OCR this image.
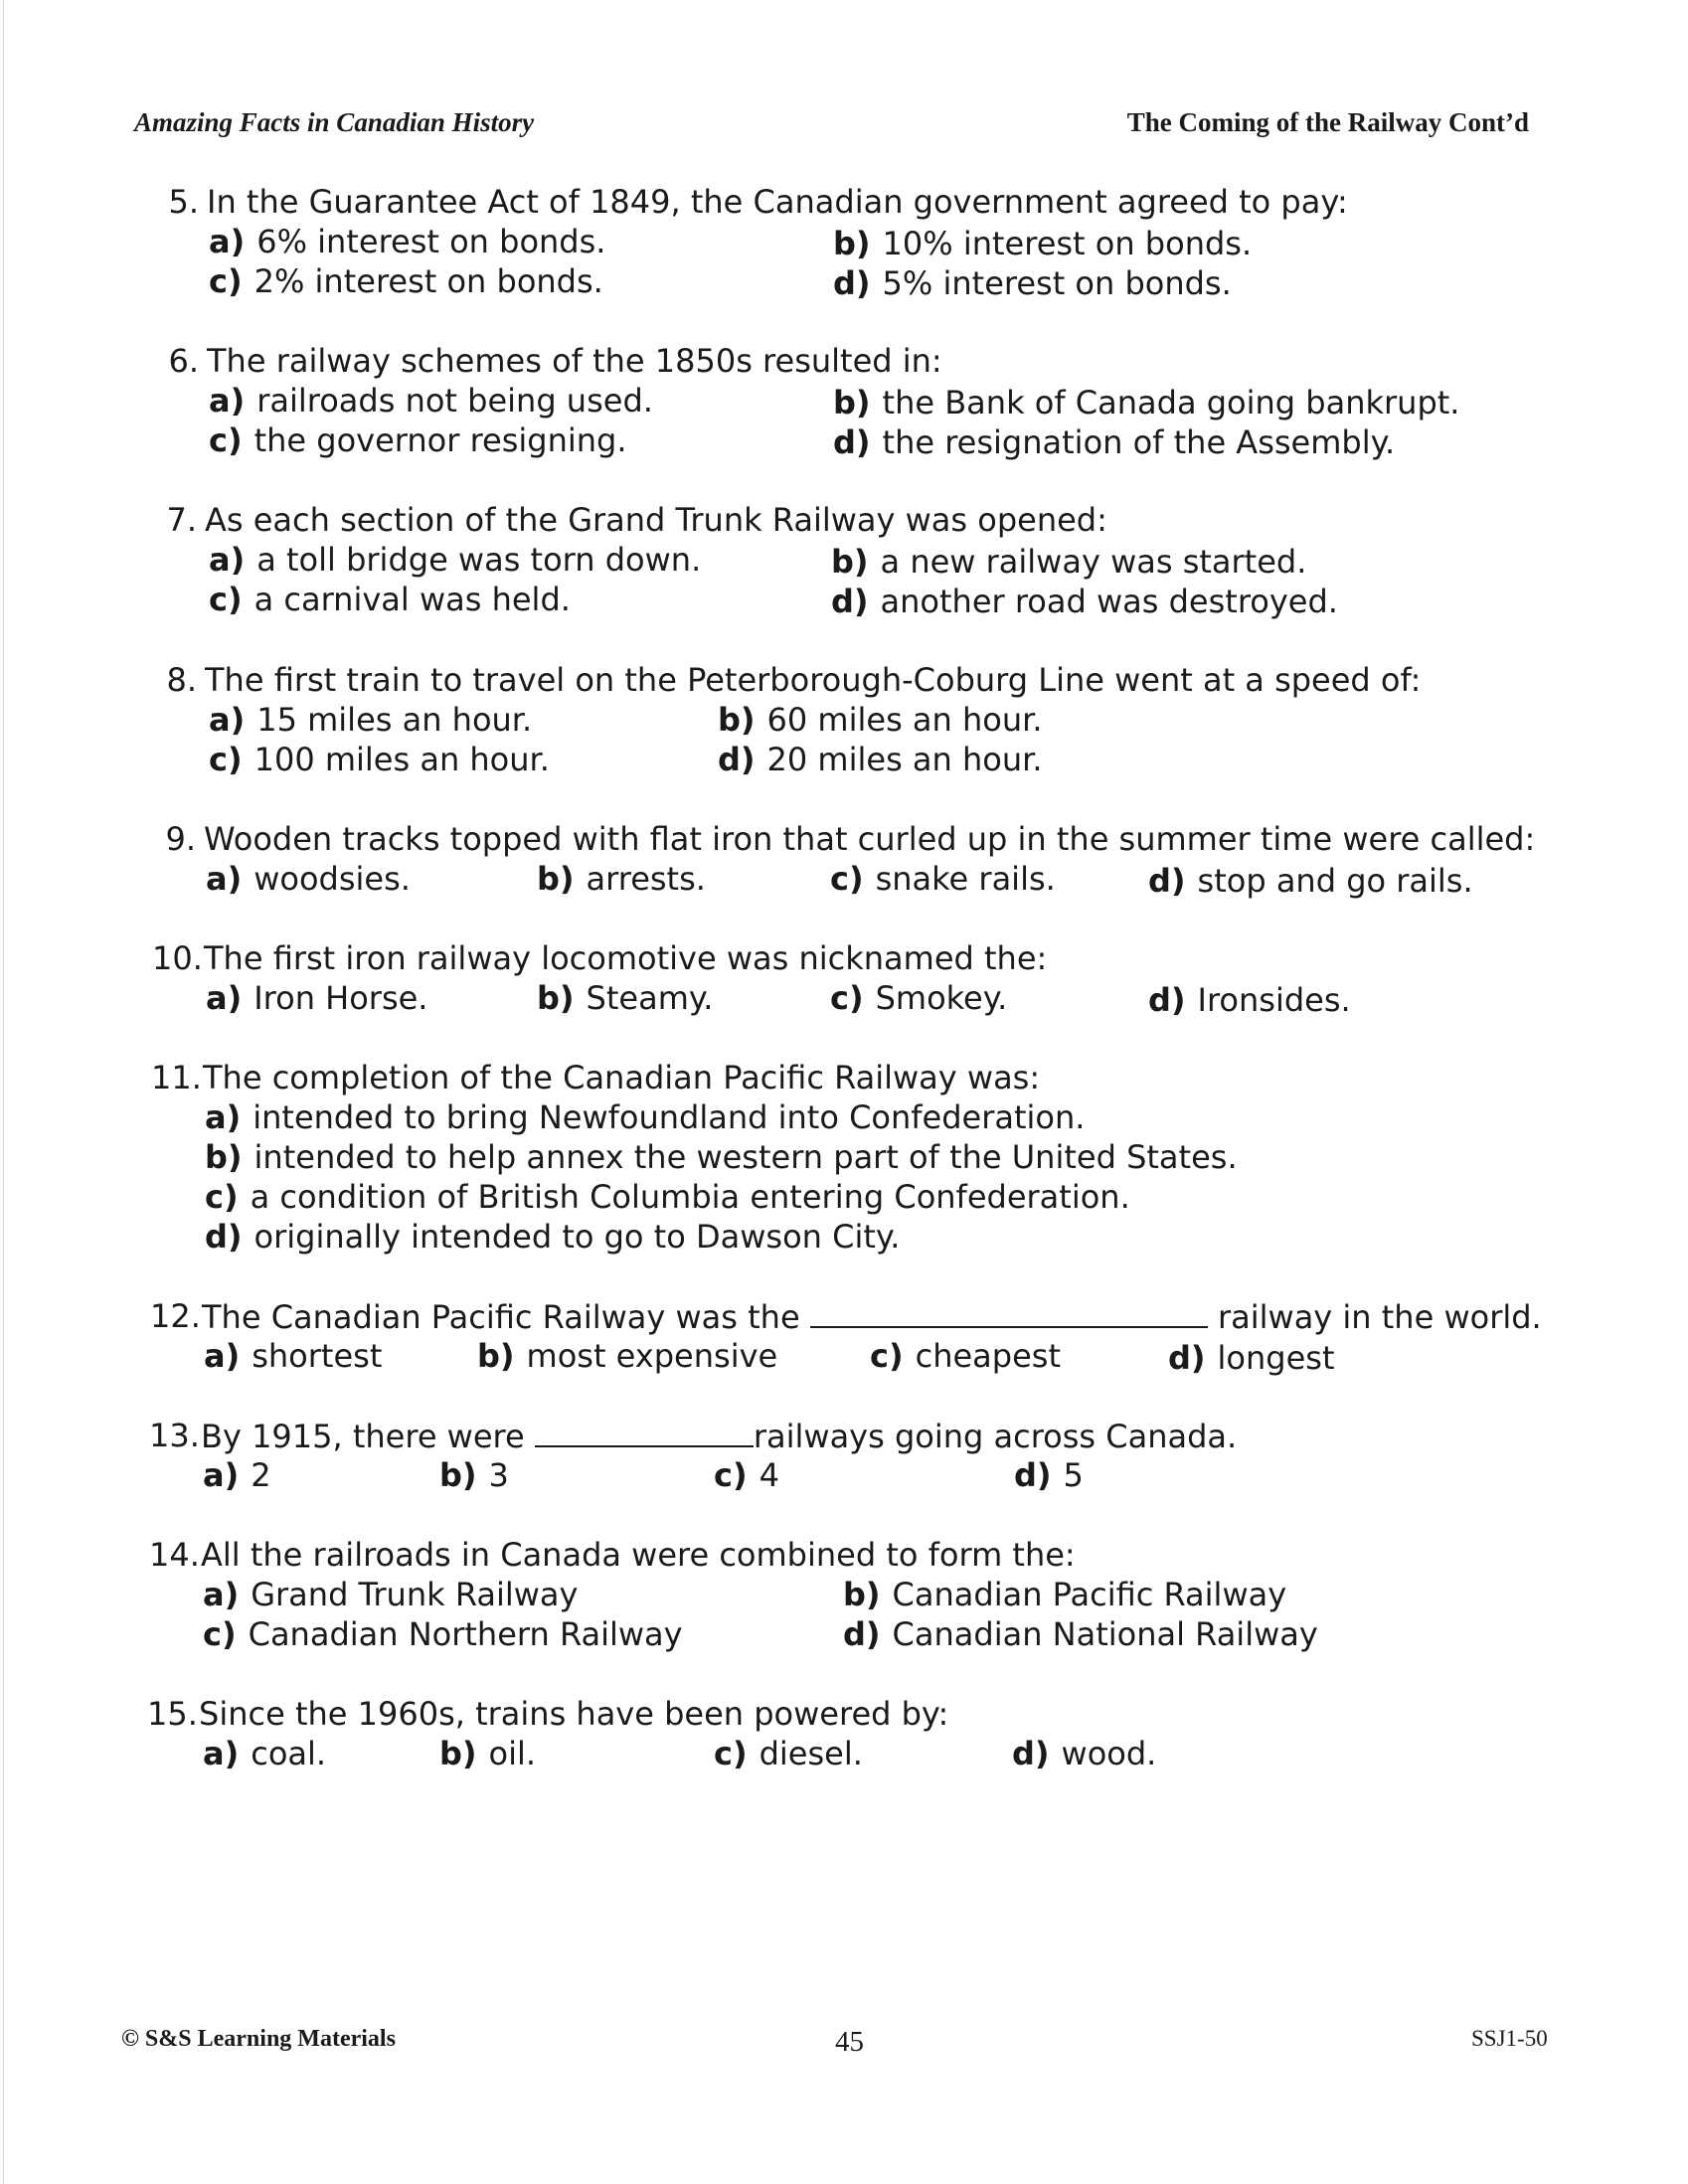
Amazing Facts in Canadian History	The Coming of the Railway Cont’d
5. In the Guarantee Act of 1849, the Canadian government agreed to pay:
a) 6% interest on bonds.	b) 10% interest on bonds.
c) 2% interest on bonds.	d) 5% interest on bonds.
6. The railway schemes of the 1850s resulted in:
a) railroads not being used.	b) the Bank of Canada going bankrupt.
c) the governor resigning.	d) the resignation of the Assembly.
7. As each section of the Grand Trunk Railway was opened:
a) a toll bridge was torn down.	b) a new railway was started.
c) a carnival was held.	d) another road was destroyed.
8. The first train to travel on the Peterborough-Coburg Line went at a speed of:
a) 15 miles an hour.	b) 60 miles an hour.
c) 100 miles an hour.	d) 20 miles an hour.
9. Wooden tracks topped with flat iron that curled up in the summer time were called:
a) woodsies.	b) arrests.	c) snake rails.	d) stop and go rails.
10. The first iron railway locomotive was nicknamed the:
a) Iron Horse.	b) Steamy.	c) Smokey.	d) Ironsides.
11. The completion of the Canadian Pacific Railway was:
a) intended to bring Newfoundland into Confederation.
b) intended to help annex the western part of the United States.
c) a condition of British Columbia entering Confederation.
d) originally intended to go to Dawson City.
12. The Canadian Pacific Railway was the	railway in the world.
a) shortest	b) most expensive	c) cheapest	d) longest
13. By 1915, there were	railways going across Canada.
a) 2	b) 3	c) 4	d) 5
14. All the railroads in Canada were combined to form the:
a) Grand Trunk Railway	b) Canadian Pacific Railway
c) Canadian Northern Railway	d) Canadian National Railway
15. Since the 1960s, trains have been powered by:
a) coal.	b) oil.	c) diesel.	d) wood.
© S&S Learning Materials	45	SSJ1-50
